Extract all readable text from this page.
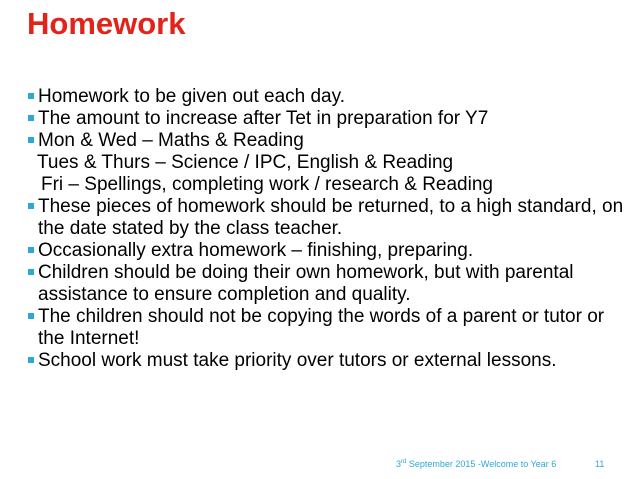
Homework

Homework to be given out each day.

The amount to increase after Tet in preparation for Y7

Mon & Wed – Maths & Reading

Tues & Thurs – Science / IPC, English & Reading

Fri – Spellings, completing work / research & Reading

These pieces of homework should be returned, to a high standard, on the date stated by the class teacher.

Occasionally extra homework – finishing, preparing.

Children should be doing their own homework, but with parental assistance to ensure completion and quality.

The children should not be copying the words of a parent or tutor or the Internet!

School work must take priority over tutors or external lessons.

3rd September 2015 -Welcome to Year 6	11
